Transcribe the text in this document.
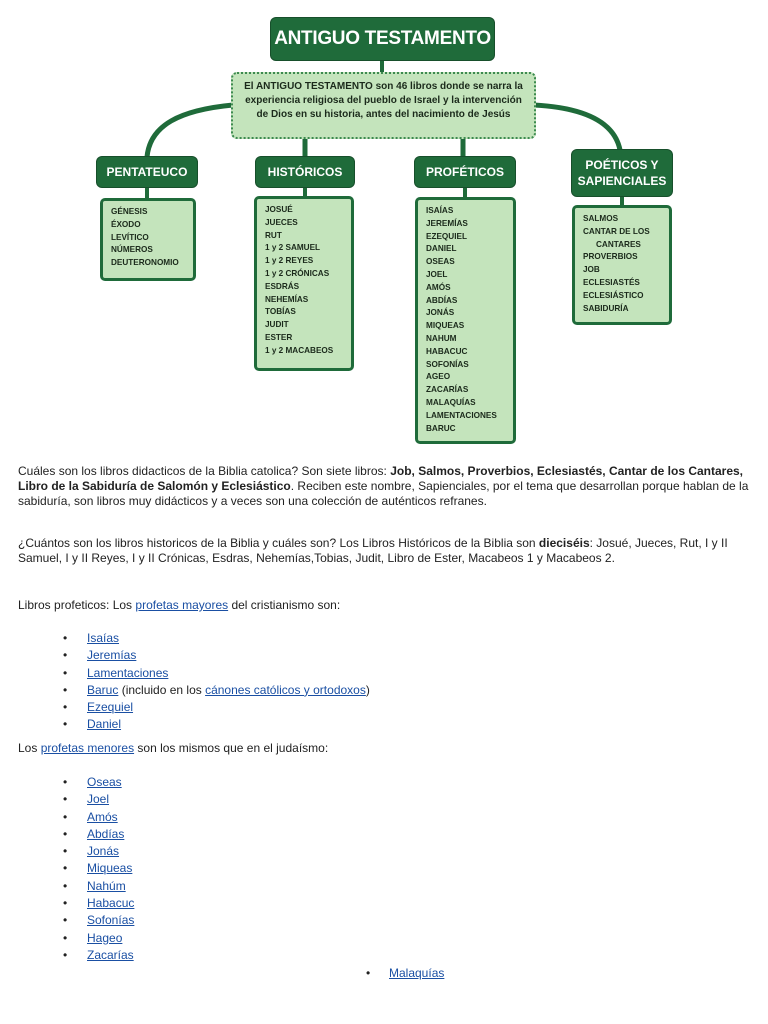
ANTIGUO TESTAMENTO
El ANTIGUO TESTAMENTO son 46 libros donde se narra la experiencia religiosa del pueblo de Israel y la intervención de Dios en su historia, antes del nacimiento de Jesús
PENTATEUCO	HISTÓRICOS	PROFÉTICOS	POÉTICOS Y
SAPIENCIALES
GÉNESIS
ÉXODO
LEVÍTICO
NÚMEROS
DEUTERONOMIO
JOSUÉ
JUECES
RUT
1 y 2 SAMUEL
1 y 2 REYES
1 y 2 CRÓNICAS
ESDRÁS
NEHEMÍAS
TOBÍAS
JUDIT
ESTER
1 y 2 MACABEOS
ISAÍAS
JEREMÍAS
EZEQUIEL
DANIEL
OSEAS
JOEL
AMÓS
ABDÍAS
JONÁS
MIQUEAS
NAHUM
HABACUC
SOFONÍAS
AGEO
ZACARÍAS
MALAQUÍAS
LAMENTACIONES
BARUC
SALMOS
CANTAR DE LOS
CANTARES
PROVERBIOS
JOB
ECLESIASTÉS
ECLESIÁSTICO
SABIDURÍA

Cuáles son los libros didacticos de la Biblia catolica? Son siete libros: Job, Salmos, Proverbios, Eclesiastés, Cantar de los Cantares, Libro de la Sabiduría de Salomón y Eclesiástico. Reciben este nombre, Sapienciales, por el tema que desarrollan porque hablan de la sabiduría, son libros muy didácticos y a veces son una colección de auténticos refranes.

¿Cuántos son los libros historicos de la Biblia y cuáles son? Los Libros Históricos de la Biblia son dieciséis: Josué, Jueces, Rut, I y II Samuel, I y II Reyes, I y II Crónicas, Esdras, Nehemías,Tobias, Judit, Libro de Ester, Macabeos 1 y Macabeos 2.

Libros profeticos: Los profetas mayores del cristianismo son:

• Isaías
• Jeremías
• Lamentaciones
• Baruc (incluido en los cánones católicos y ortodoxos)
• Ezequiel
• Daniel

Los profetas menores son los mismos que en el judaísmo:

• Oseas
• Joel
• Amós
• Abdías
• Jonás
• Miqueas
• Nahúm
• Habacuc
• Sofonías
• Hageo
• Zacarías
• Malaquías
